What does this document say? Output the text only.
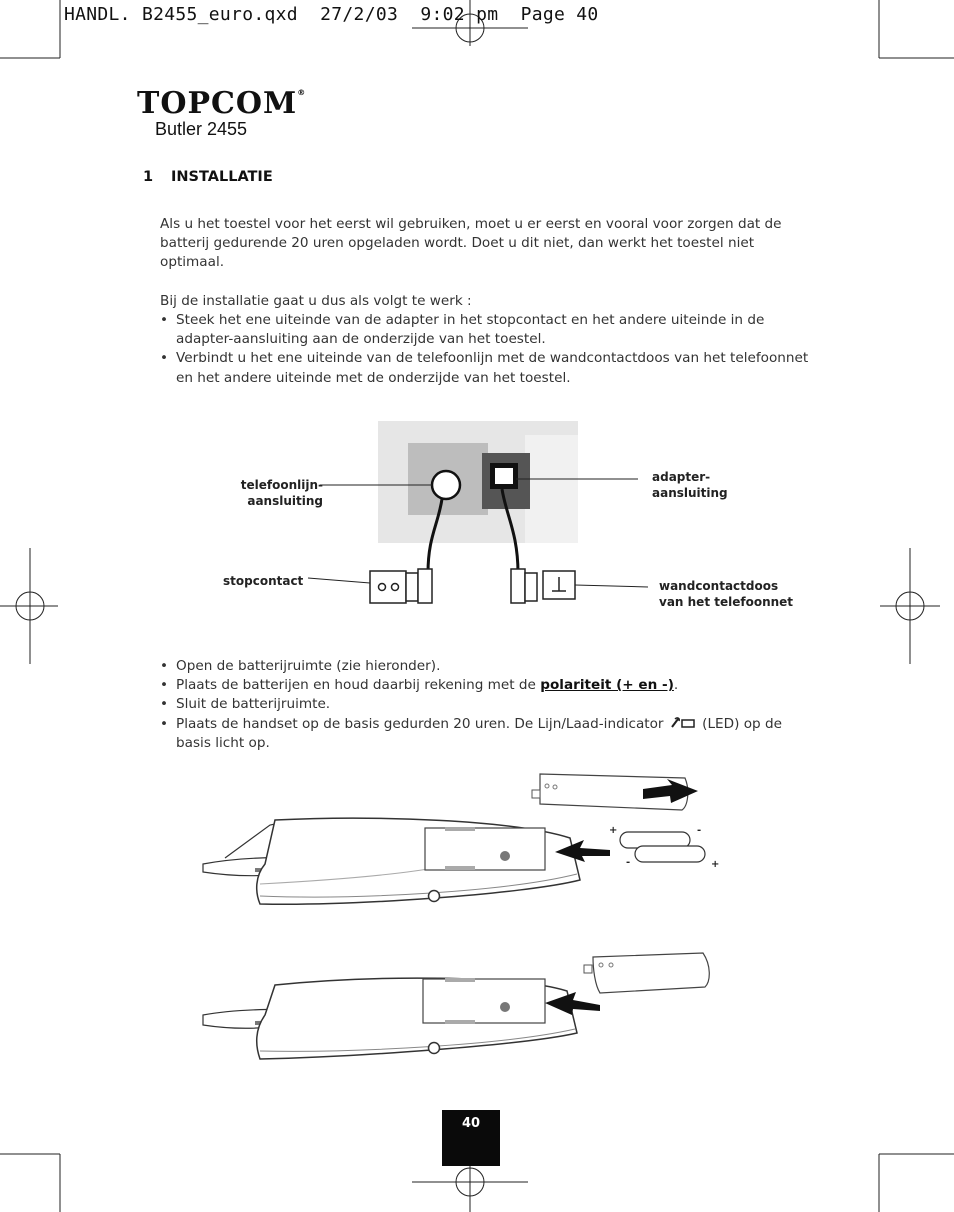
HANDL. B2455_euro.qxd  27/2/03  9:02 pm  Page 40
TOPCOM®
Butler 2455
1 INSTALLATIE
Als u het toestel voor het eerst wil gebruiken, moet u er eerst en vooral voor zorgen dat de batterij gedurende 20 uren opgeladen wordt. Doet u dit niet, dan werkt het toestel niet optimaal.
Bij de installatie gaat u dus als volgt te werk :
• Steek het ene uiteinde van de adapter in het stopcontact en het andere uiteinde in de adapter-aansluiting aan de onderzijde van het toestel.
• Verbindt u het ene uiteinde van de telefoonlijn met de wandcontactdoos van het telefoonnet en het andere uiteinde met de onderzijde van het toestel.
telefoonlijn-
aansluiting
adapter-
aansluiting
stopcontact	wandcontactdoos
van het telefoonnet
• Open de batterijruimte (zie hieronder).
• Plaats de batterijen en houd daarbij rekening met de polariteit (+ en -).
• Sluit de batterijruimte.
• Plaats de handset op de basis gedurden 20 uren. De Lijn/Laad-indicator  (LED) op de basis licht op.
+	-
-	+
40
